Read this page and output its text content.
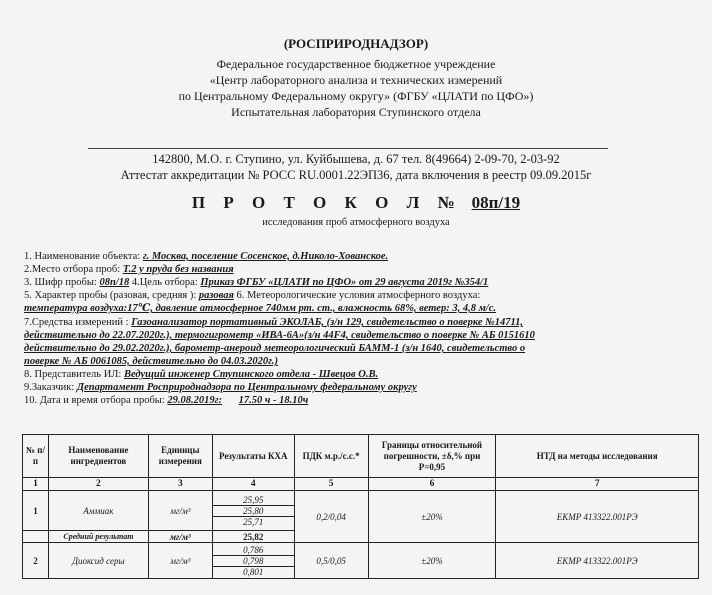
(РОСПРИРОДНАДЗОР)
Федеральное государственное бюджетное учреждение
«Центр лабораторного анализа и технических измерений
по Центральному Федеральному округу» (ФГБУ «ЦЛАТИ по ЦФО»)
Испытательная лаборатория Ступинского отдела
142800, М.О. г. Ступино, ул. Куйбышева, д. 67 тел. 8(49664) 2-09-70, 2-03-92
Аттестат аккредитации № РОСС RU.0001.22ЭП36, дата включения в реестр 09.09.2015г
П Р О Т О К О Л № 08п/19
исследования проб атмосферного воздуха
1. Наименование объекта: г. Москва, поселение Сосенское, д.Николо-Хованское.
2.Место отбора проб: Т.2 у пруда без названия
3. Шифр пробы: 08п/18 4.Цель отбора: Приказ ФГБУ «ЦЛАТИ по ЦФО» от 29 августа 2019г №354/1
5. Характер пробы (разовая, средняя ): разовая 6. Метеорологические условия атмосферного воздуха:
температура воздуха:17℃, давление атмосферное 740мм рт. ст., влажность 68%, ветер: 3, 4,8 м/с.
7.Средства измерений : Газоанализатор портативный ЭКОЛАБ, (з/н 129, свидетельство о поверке №14711,
действительно до 22.07.2020г.), термогигрометр «ИВА-6А»(з/н 44F4, свидетельство о поверке № АБ 0151610
действительно до 29.02.2020г.), барометр-анероид метеорологический БАММ-1 (з/н 1640, свидетельство о
поверке № АБ 0061085, действительно до 04.03.2020г.)
8. Представитель ИЛ: Ведущий инженер Ступинского отдела - Швецов О.В.
9.Заказчик: Департамент Росприроднадзора по Центральному федеральному округу
10. Дата и время отбора пробы: 29.08.2019г: 17.50 ч - 18.10ч
№ п/ п	Наименование ингредиентов	Единицы измерения	Результаты КХА	ПДК м.р./с.с.*	Границы относительной погрешности, ±δ,% при P=0,95	НТД на методы исследования
1	2	3	4	5	6	7
1	Аммиак	мг/м³	25,95
25,80
25,71	0,2/0,04	±20%	ЕКМР 413322.001РЭ
	Средний результат	мг/м³	25,82			
2	Диоксид серы	мг/м³	0,786
0,798
0,801	0,5/0,05	±20%	ЕКМР 413322.001РЭ
